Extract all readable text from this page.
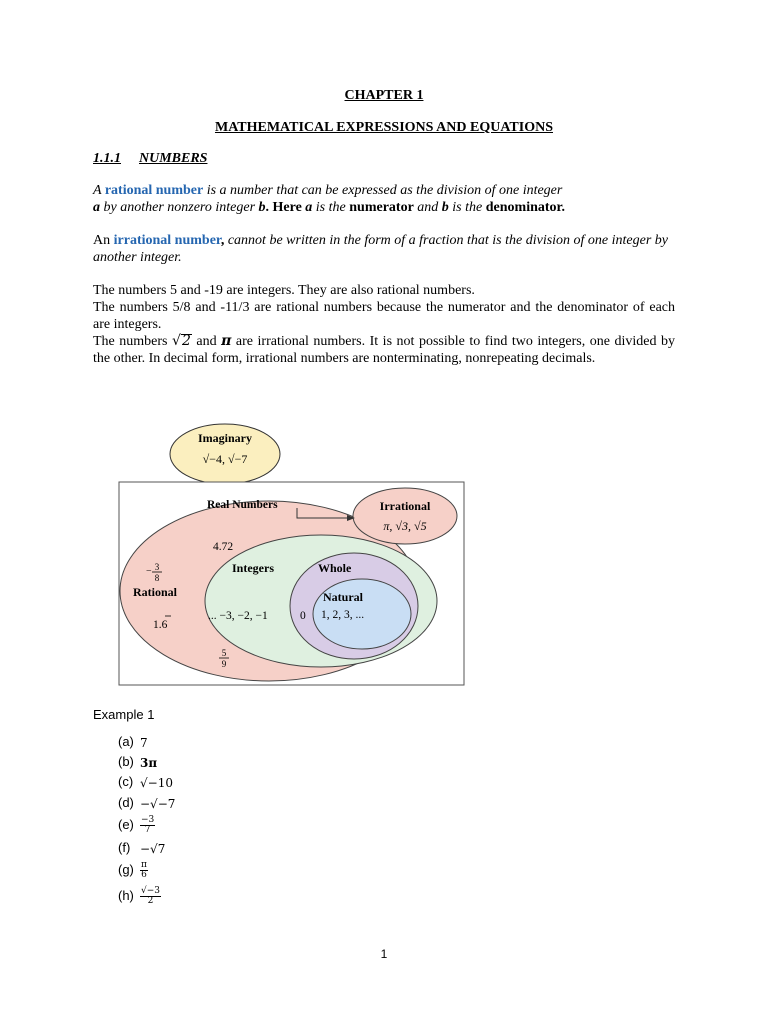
CHAPTER 1
MATHEMATICAL EXPRESSIONS AND EQUATIONS
1.1.1 NUMBERS
A rational number is a number that can be expressed as the division of one integer
a by another nonzero integer b. Here a is the numerator and b is the denominator.
An irrational number, cannot be written in the form of a fraction that is the division of one integer by another integer.
The numbers 5 and -19 are integers. They are also rational numbers.
The numbers 5/8 and -11/3 are rational numbers because the numerator and the denominator of each are integers.
The numbers √2 and π are irrational numbers. It is not possible to find two integers, one divided by the other. In decimal form, irrational numbers are nonterminating, nonrepeating decimals.
Imaginary
√−4, √−7
Irrational
π, √3, √5
Real Numbers
4.72
Rational
− 3
8
1.6
5
9
Integers
... −3, −2, −1
Whole
0
Natural
1, 2, 3, ...
Example 1
(a) 7
(b) 3π
(c) √−10
(d) −√−7
$(e) \frac{-3}{7}$
(f) −√7
$(g) \frac{\pi}{6}$
$(h) \frac{√-3}{2}$
1
